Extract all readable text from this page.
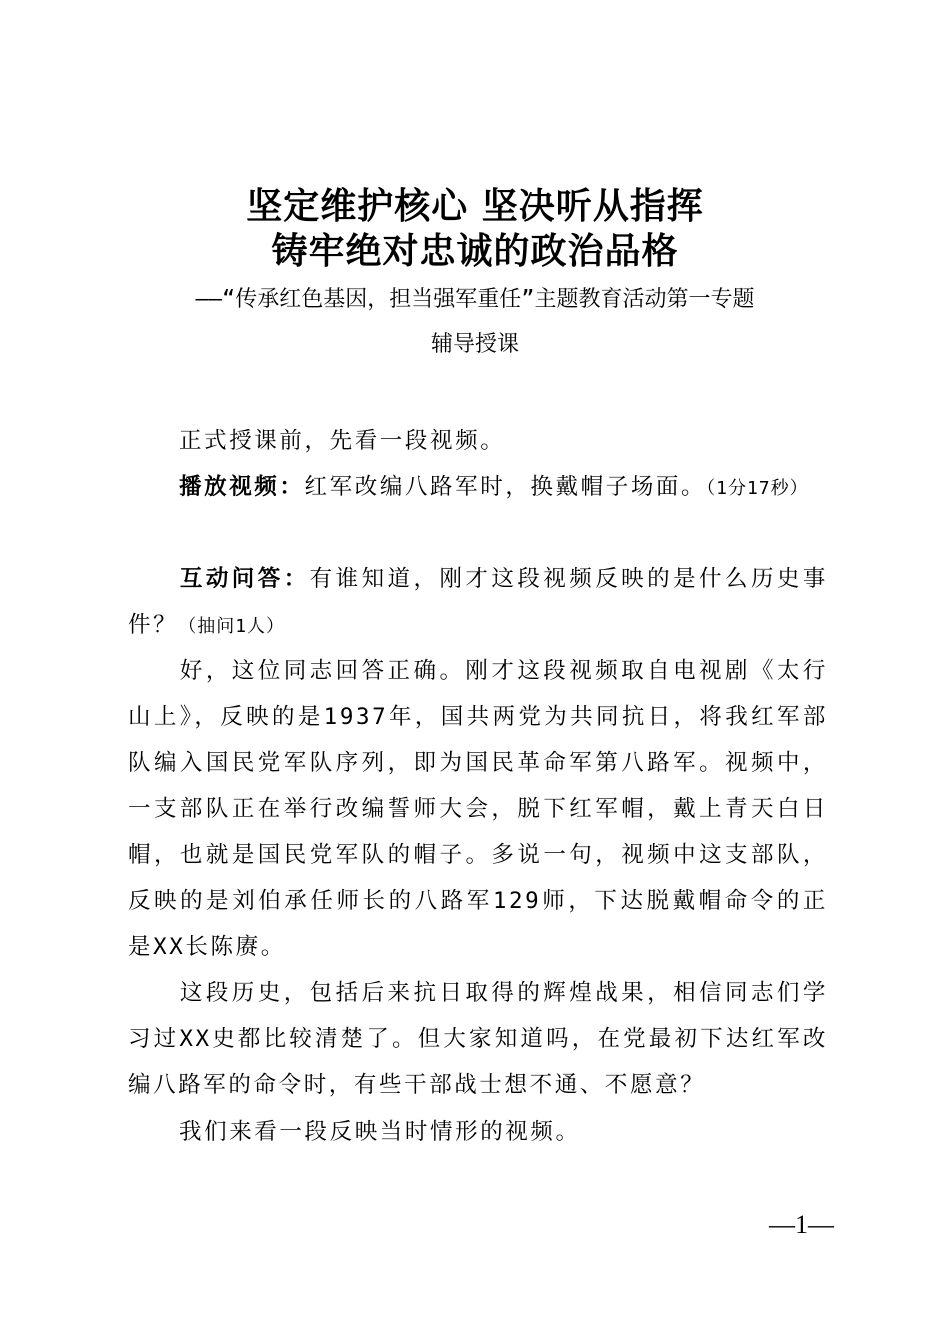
坚定维护核心 坚决听从指挥
铸牢绝对忠诚的政治品格
——“传承红色基因，担当强军重任”主题教育活动第一专题
辅导授课
正式授课前，先看一段视频。
播放视频：红军改编八路军时，换戴帽子场面。（1分17秒）
互动问答：有谁知道，刚才这段视频反映的是什么历史事件？（抽问1人）
好，这位同志回答正确。刚才这段视频取自电视剧《太行山上》，反映的是1937年，国共两党为共同抗日，将我红军部队编入国民党军队序列，即为国民革命军第八路军。视频中，一支部队正在举行改编誓师大会，脱下红军帽，戴上青天白日帽，也就是国民党军队的帽子。多说一句，视频中这支部队，反映的是刘伯承任师长的八路军129师，下达脱戴帽命令的正是XX长陈赓。
这段历史，包括后来抗日取得的辉煌战果，相信同志们学习过XX史都比较清楚了。但大家知道吗，在党最初下达红军改编八路军的命令时，有些干部战士想不通、不愿意？
我们来看一段反映当时情形的视频。
—1—
